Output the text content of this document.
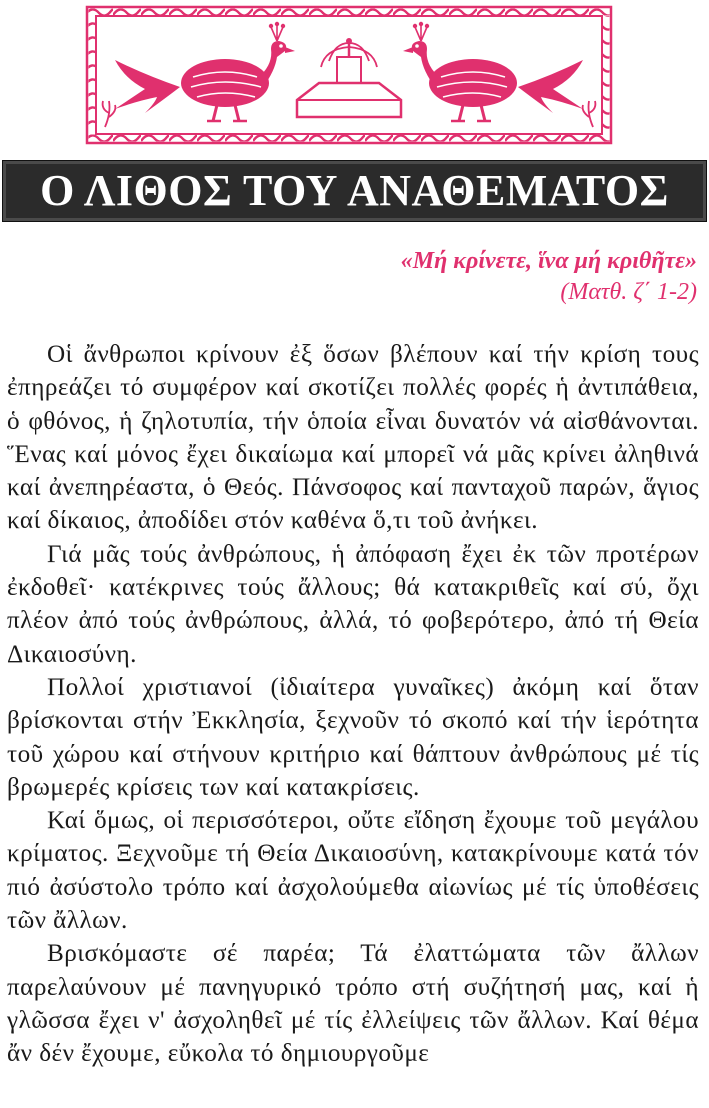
Ο ΛΙΘΟΣ ΤΟΥ ΑΝΑΘΕΜΑΤΟΣ
«Μή κρίνετε, ἵνα μή κριθῆτε»
(Ματθ. ζ΄ 1-2)

Οἱ ἄνθρωποι κρίνουν ἐξ ὅσων βλέπουν καί τήν κρίση τους ἐπηρεάζει τό συμφέρον καί σκοτίζει πολλές φορές ἡ ἀντιπάθεια, ὁ φθόνος, ἡ ζηλοτυπία, τήν ὁποία εἶναι δυνατόν νά αἰσθάνονται. Ἕνας καί μόνος ἔχει δικαίωμα καί μπορεῖ νά μᾶς κρίνει ἀληθινά καί ἀνεπηρέαστα, ὁ Θεός. Πάνσοφος καί πανταχοῦ παρών, ἅγιος καί δίκαιος, ἀποδίδει στόν καθένα ὅ,τι τοῦ ἀνήκει.

Γιά μᾶς τούς ἀνθρώπους, ἡ ἀπόφαση ἔχει ἐκ τῶν προτέρων ἐκδοθεῖ· κατέκρινες τούς ἄλλους; θά κατακριθεῖς καί σύ, ὄχι πλέον ἀπό τούς ἀνθρώπους, ἀλλά, τό φοβερότερο, ἀπό τή Θεία Δικαιοσύνη.

Πολλοί χριστιανοί (ἰδιαίτερα γυναῖκες) ἀκόμη καί ὅταν βρίσκονται στήν Ἐκκλησία, ξεχνοῦν τό σκοπό καί τήν ἱερότητα τοῦ χώρου καί στήνουν κριτήριο καί θάπτουν ἀνθρώπους μέ τίς βρωμερές κρίσεις των καί κατακρίσεις.

Καί ὅμως, οἱ περισσότεροι, οὔτε εἴδηση ἔχουμε τοῦ μεγάλου κρίματος. Ξεχνοῦμε τή Θεία Δικαιοσύνη, κατακρίνουμε κατά τόν πιό ἀσύστολο τρόπο καί ἀσχολούμεθα αἰωνίως μέ τίς ὑποθέσεις τῶν ἄλλων.

Βρισκόμαστε σέ παρέα; Τά ἐλαττώματα τῶν ἄλλων παρελαύνουν μέ πανηγυρικό τρόπο στή συζήτησή μας, καί ἡ γλῶσσα ἔχει ν' ἀσχοληθεῖ μέ τίς ἐλλείψεις τῶν ἄλλων. Καί θέμα ἄν δέν ἔχουμε, εὔκολα τό δημιουργοῦμε
